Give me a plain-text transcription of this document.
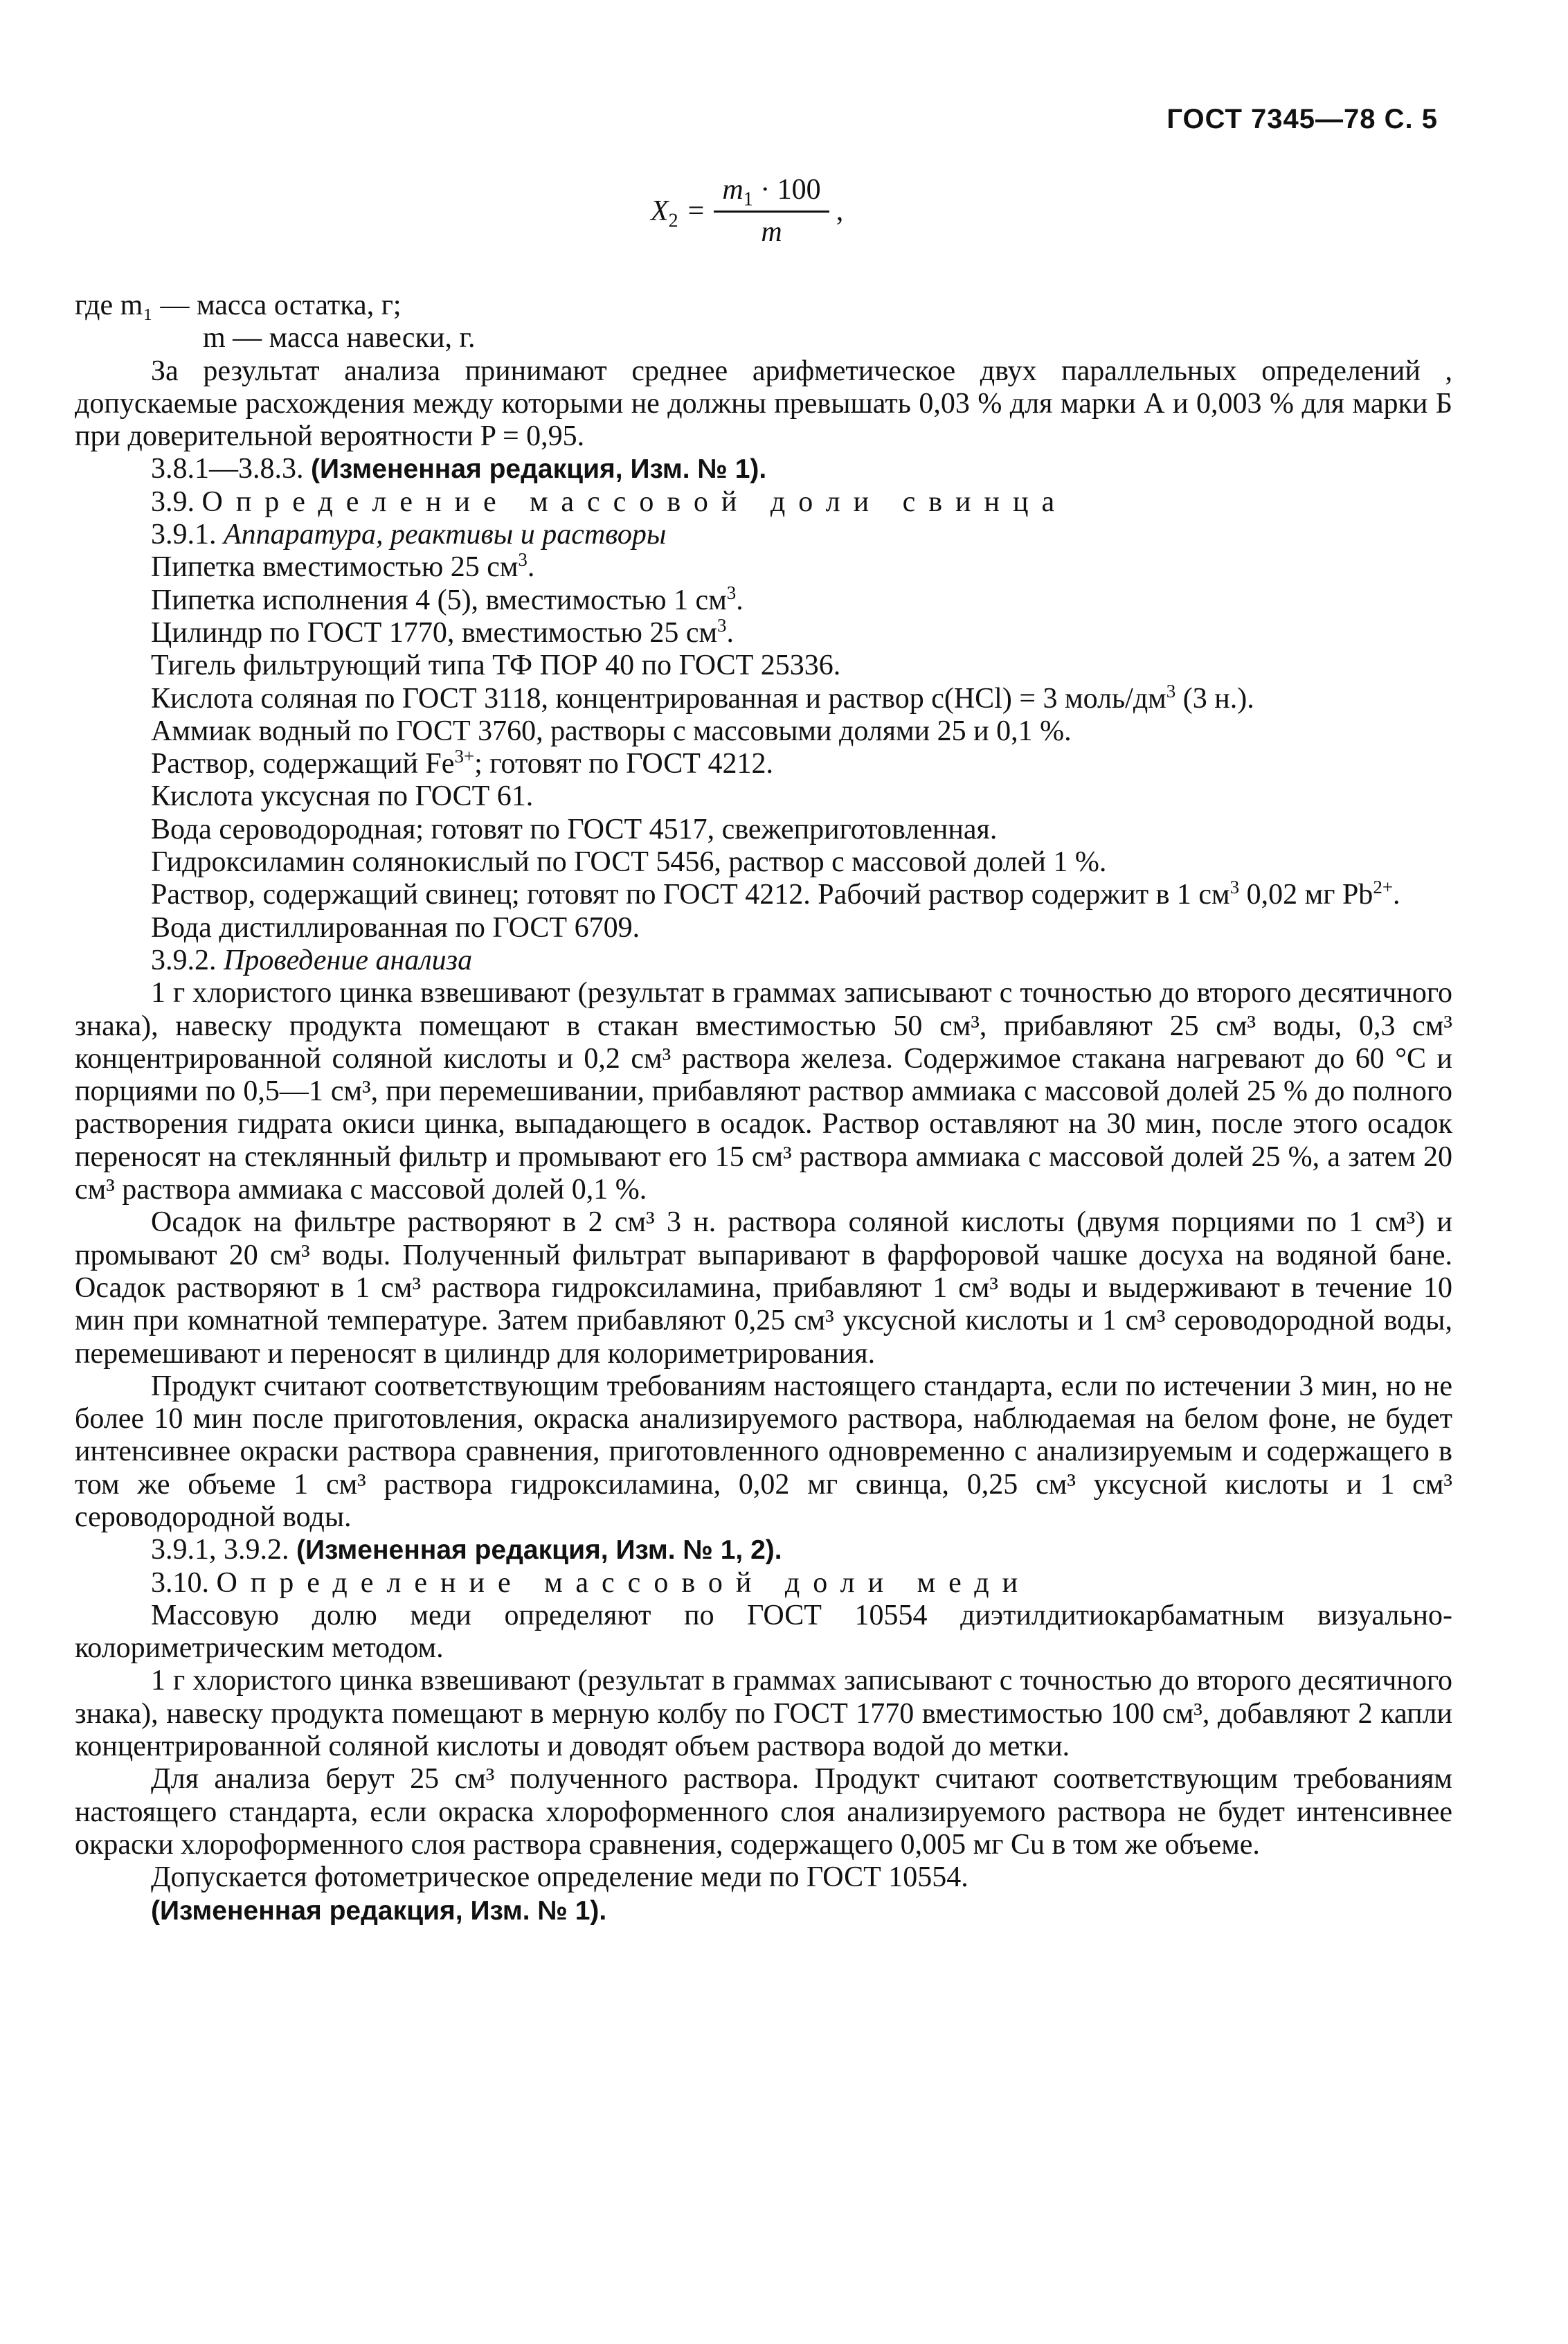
ГОСТ 7345—78 С. 5
$X_2 = \frac{m_1 \cdot 100}{m}$ ,

где m₁ — масса остатка, г;

m — масса навески, г.

За результат анализа принимают среднее арифметическое двух параллельных определений , допускаемые расхождения между которыми не должны превышать 0,03 % для марки А и 0,003 % для марки Б при доверительной вероятности P = 0,95.

3.8.1—3.8.3. (Измененная редакция, Изм. № 1).

3.9. Определение массовой доли свинца

3.9.1. Аппаратура, реактивы и растворы

Пипетка вместимостью 25 $см^3$.

Пипетка исполнения 4 (5), вместимостью 1 $см^3$.

Цилиндр по ГОСТ 1770, вместимостью 25 $см^3$.

Тигель фильтрующий типа ТФ ПОР 40 по ГОСТ 25336.

Кислота соляная по ГОСТ 3118, концентрированная и раствор c(HCl) = 3 моль/$дм^3$ (3 н.).

Аммиак водный по ГОСТ 3760, растворы с массовыми долями 25 и 0,1 %.

Раствор, содержащий $Fe^{3+}$; готовят по ГОСТ 4212.

Кислота уксусная по ГОСТ 61.

Вода сероводородная; готовят по ГОСТ 4517, свежеприготовленная.

Гидроксиламин солянокислый по ГОСТ 5456, раствор с массовой долей 1 %.

Раствор, содержащий свинец; готовят по ГОСТ 4212. Рабочий раствор содержит в 1 $см^3$ 0,02 мг $Pb^{2+}$.

Вода дистиллированная по ГОСТ 6709.

3.9.2. Проведение анализа

1 г хлористого цинка взвешивают (результат в граммах записывают с точностью до второго десятичного знака), навеску продукта помещают в стакан вместимостью 50 см³, прибавляют 25 см³ воды, 0,3 см³ концентрированной соляной кислоты и 0,2 см³ раствора железа. Содержимое стакана нагревают до 60 °С и порциями по 0,5—1 см³, при перемешивании, прибавляют раствор аммиака с массовой долей 25 % до полного растворения гидрата окиси цинка, выпадающего в осадок. Раствор оставляют на 30 мин, после этого осадок переносят на стеклянный фильтр и промывают его 15 см³ раствора аммиака с массовой долей 25 %, а затем 20 см³ раствора аммиака с массовой долей 0,1 %.

Осадок на фильтре растворяют в 2 см³ 3 н. раствора соляной кислоты (двумя порциями по 1 см³) и промывают 20 см³ воды. Полученный фильтрат выпаривают в фарфоровой чашке досуха на водяной бане. Осадок растворяют в 1 см³ раствора гидроксиламина, прибавляют 1 см³ воды и выдерживают в течение 10 мин при комнатной температуре. Затем прибавляют 0,25 см³ уксусной кислоты и 1 см³ сероводородной воды, перемешивают и переносят в цилиндр для колориметрирования.

Продукт считают соответствующим требованиям настоящего стандарта, если по истечении 3 мин, но не более 10 мин после приготовления, окраска анализируемого раствора, наблюдаемая на белом фоне, не будет интенсивнее окраски раствора сравнения, приготовленного одновременно с анализируемым и содержащего в том же объеме 1 см³ раствора гидроксиламина, 0,02 мг свинца, 0,25 см³ уксусной кислоты и 1 см³ сероводородной воды.

3.9.1, 3.9.2. (Измененная редакция, Изм. № 1, 2).

3.10. Определение массовой доли меди

Массовую долю меди определяют по ГОСТ 10554 диэтилдитиокарбаматным визуально-колориметрическим методом.

1 г хлористого цинка взвешивают (результат в граммах записывают с точностью до второго десятичного знака), навеску продукта помещают в мерную колбу по ГОСТ 1770 вместимостью 100 см³, добавляют 2 капли концентрированной соляной кислоты и доводят объем раствора водой до метки.

Для анализа берут 25 см³ полученного раствора. Продукт считают соответствующим требованиям настоящего стандарта, если окраска хлороформенного слоя анализируемого раствора не будет интенсивнее окраски хлороформенного слоя раствора сравнения, содержащего 0,005 мг Cu в том же объеме.

Допускается фотометрическое определение меди по ГОСТ 10554.

(Измененная редакция, Изм. № 1).
